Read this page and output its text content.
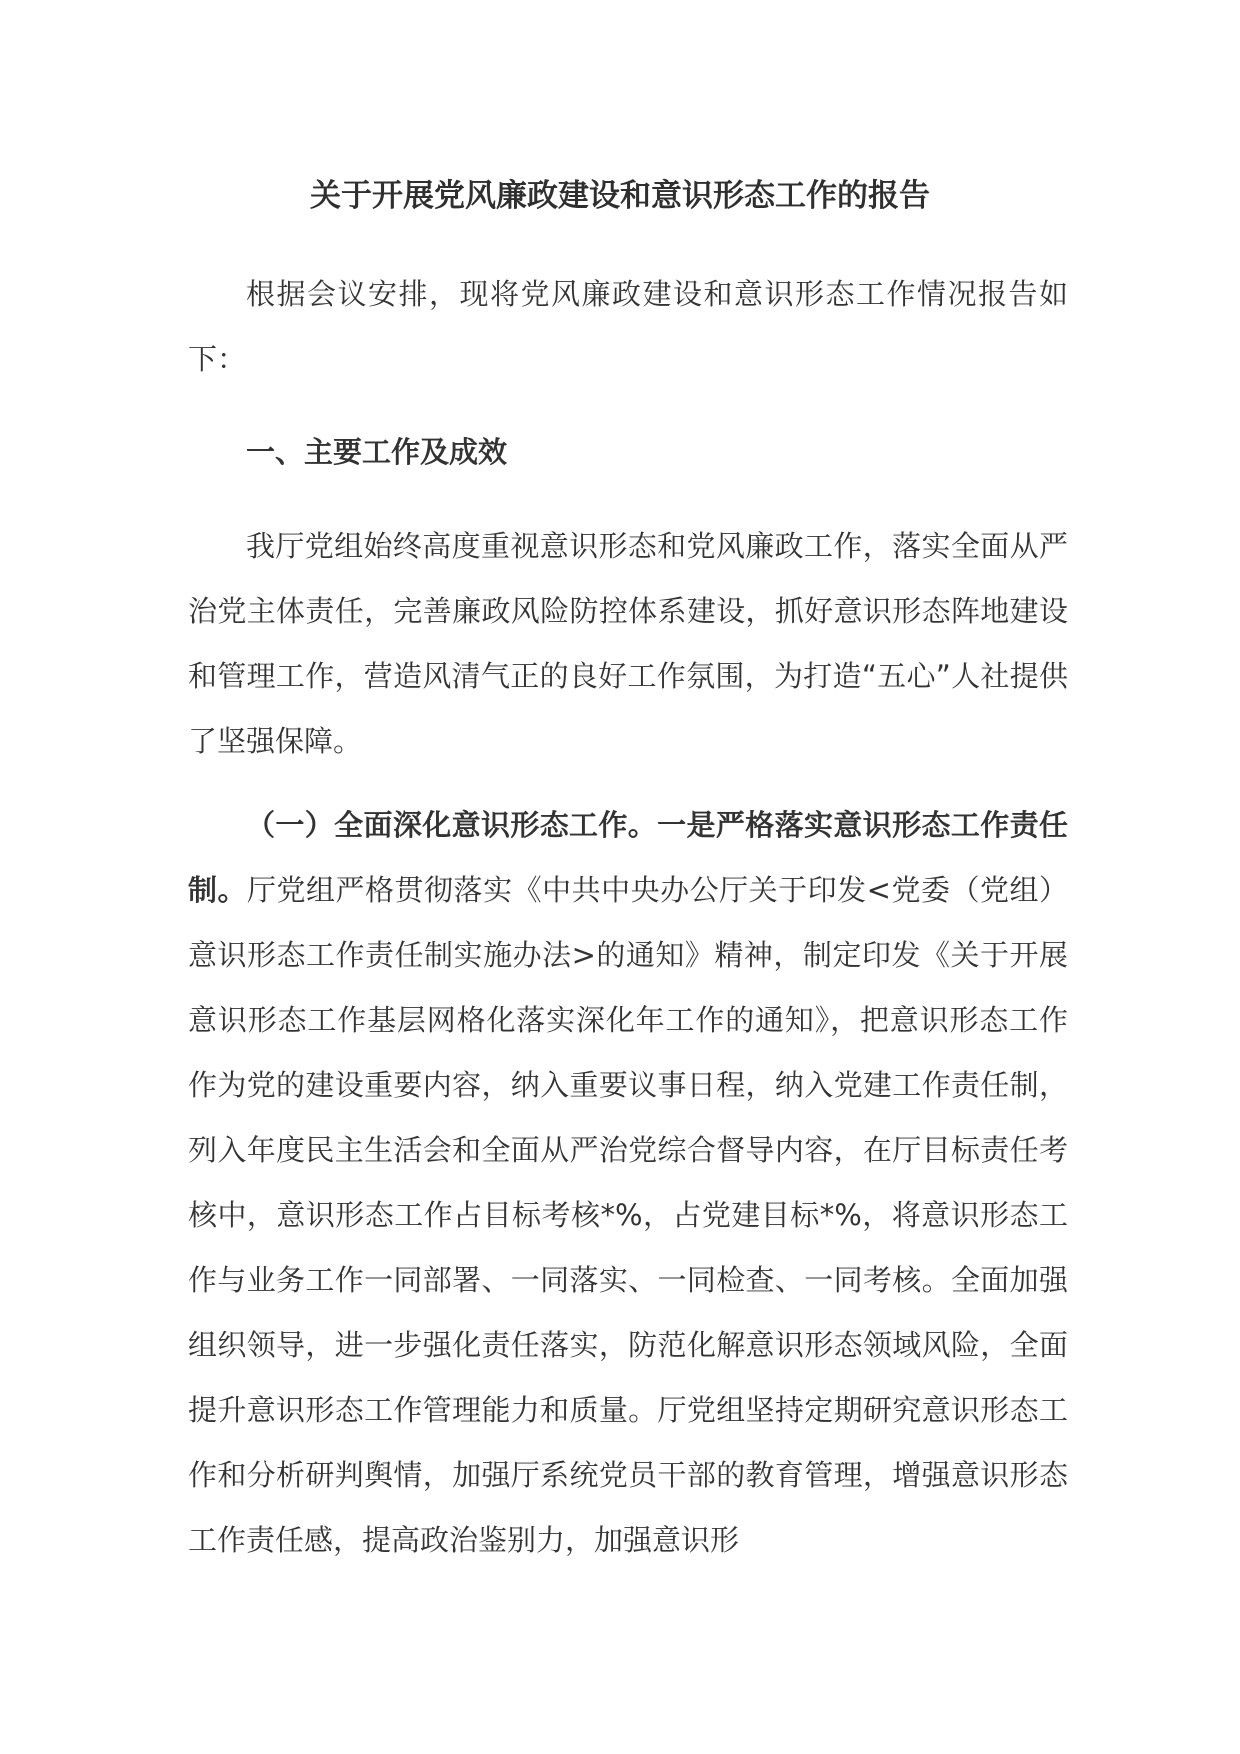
关于开展党风廉政建设和意识形态工作的报告

根据会议安排，现将党风廉政建设和意识形态工作情况报告如下：

一、主要工作及成效

我厅党组始终高度重视意识形态和党风廉政工作，落实全面从严治党主体责任，完善廉政风险防控体系建设，抓好意识形态阵地建设和管理工作，营造风清气正的良好工作氛围，为打造“五心”人社提供了坚强保障。

（一）全面深化意识形态工作。一是严格落实意识形态工作责任制。厅党组严格贯彻落实《中共中央办公厅关于印发<党委（党组）意识形态工作责任制实施办法>的通知》精神，制定印发《关于开展意识形态工作基层网格化落实深化年工作的通知》，把意识形态工作作为党的建设重要内容，纳入重要议事日程，纳入党建工作责任制，列入年度民主生活会和全面从严治党综合督导内容，在厅目标责任考核中，意识形态工作占目标考核*%，占党建目标*%，将意识形态工作与业务工作一同部署、一同落实、一同检查、一同考核。全面加强组织领导，进一步强化责任落实，防范化解意识形态领域风险，全面提升意识形态工作管理能力和质量。厅党组坚持定期研究意识形态工作和分析研判舆情，加强厅系统党员干部的教育管理，增强意识形态工作责任感，提高政治鉴别力，加强意识形
